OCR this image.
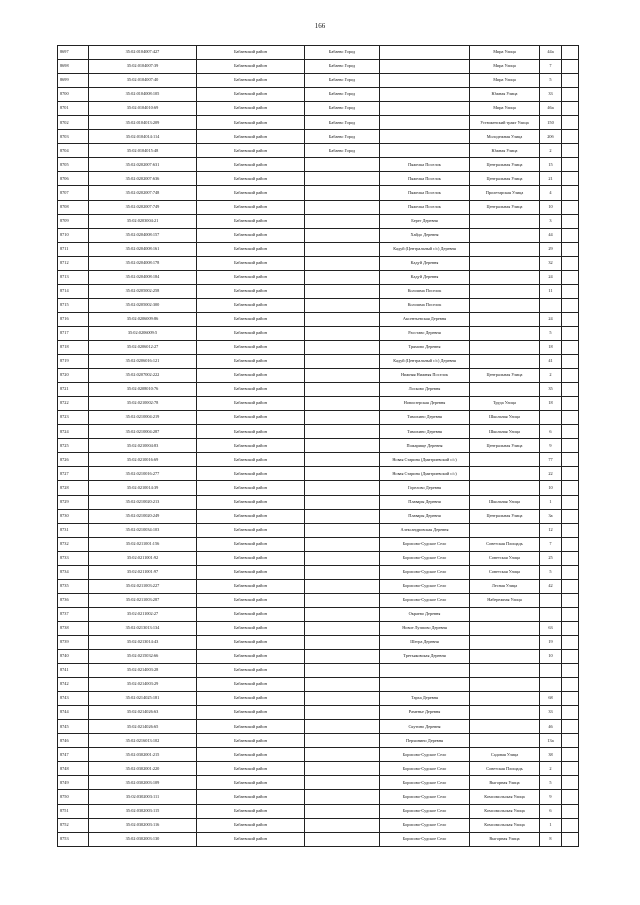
166
8697	35:02:0104007:427	Бабаевский район	Бабаево Город		Мира Улица	44а	
8698	35:02:0104007:39	Бабаевский район	Бабаево Город		Мира Улица	7	
8699	35:02:0104007:40	Бабаевский район	Бабаево Город		Мира Улица	5	
8700	35:02:0104008:105	Бабаевский район	Бабаево Город		Южная Улица	33	
8701	35:02:0104010:69	Бабаевский район	Бабаево Город		Мира Улица	46а	
8702	35:02:0104013:209	Бабаевский район	Бабаево Город		Устюженский тракт Улица	150	
8703	35:02:0104014:114	Бабаевский район	Бабаево Город		Молодежная Улица	20б	
8704	35:02:0104015:48	Бабаевский район	Бабаево Город		Южная Улица	2	
8705	35:02:0202007:631	Бабаевский район		Пяжелка Поселок	Центральная Улица	15	
8706	35:02:0202007:636	Бабаевский район		Пяжелка Поселок	Центральная Улица	21	
8707	35:02:0202007:748	Бабаевский район		Пяжелка Поселок	Пролетарская Улица	4	
8708	35:02:0202007:749	Бабаевский район		Пяжелка Поселок	Центральная Улица	10	
8709	35:02:0203004:21	Бабаевский район		Берег Деревня		3	
8710	35:02:0204008:157	Бабаевский район		Хайдо Деревня		44	
8711	35:02:0204008:161	Бабаевский район		Кадуй (Центральный с/с) Деревня		29	
8712	35:02:0204008:178	Бабаевский район		Кадуй Деревня		32	
8713	35:02:0204008:184	Бабаевский район		Кадуй Деревня		24	
8714	35:02:0205002:258	Бабаевский район		Колошма Поселок		11	
8715	35:02:0205002:300	Бабаевский район		Колошма Поселок			
8716	35:02:0206009:86	Бабаевский район		Аксентьевская Деревня		24	
8717	35:02:0206009:5	Бабаевский район		Расставо Деревня		5	
8718	35:02:0206012:27	Бабаевский район		Трямово Деревня		18	
8719	35:02:0206016:121	Бабаевский район		Кадуй (Центральный с/с) Деревня		41	
8720	35:02:0207002:222	Бабаевский район		Нижняя Нижняя Поселок	Центральная Улица	2	
8721	35:02:0208010:76	Бабаевский район		Лосково Деревня		35	
8722	35:02:0210002:78	Бабаевский район		Новоозерская Деревня	Труда Улица	18	
8723	35:02:0210004:219	Бабаевский район		Тимохино Деревня	Школьная Улица		
8724	35:02:0210004:287	Бабаевский район		Тимохино Деревня	Школьная Улица	6	
8725	35:02:0210004:83	Бабаевский район		Пожарище Деревня	Центральная Улица	9	
8726	35:02:0210016:69	Бабаевский район		Новая Старина (Дмитриевский с/с)		77	
8727	35:02:0210016:277	Бабаевский район		Новая Старина (Дмитриевский с/с)		22	
8728	35:02:0210014:39	Бабаевский район		Горелово Деревня		10	
8729	35:02:0210020:213	Бабаевский район		Плавары Деревня	Школьная Улица	1	
8730	35:02:0210020:249	Бабаевский район		Плавары Деревня	Центральная Улица	3а	
8731	35:02:0210034:103	Бабаевский район		Александровская Деревня		12	
8732	35:02:0211001:156	Бабаевский район		Борисово-Судское Село	Советская Площадь	7	
8733	35:02:0211001:92	Бабаевский район		Борисово-Судское Село	Советская Улица	25	
8734	35:02:0211001:97	Бабаевский район		Борисово-Судское Село	Советская Улица	5	
8735	35:02:0211003:227	Бабаевский район		Борисово-Судское Село	Лесная Улица	42	
8736	35:02:0211003:287	Бабаевский район		Борисово-Судское Село	Набережная Улица		
8737	35:02:0211002:27	Бабаевский район		Окраево Деревня			
8738	35:02:0213013:134	Бабаевский район		Новое Луппово Деревня		63	
8739	35:02:0213014:43	Бабаевский район		Шегра Деревня		19	
8740	35:02:0215032:66	Бабаевский район		Третьяковская Деревня		10	
8741	35:02:0214003:28	Бабаевский район					
8742	35:02:0214003:29	Бабаевский район					
8743	35:02:0214025:181	Бабаевский район		Тарха Деревня		68	
8744	35:02:0214026:63	Бабаевский район		Раменье Деревня		33	
8745	35:02:0214026:65	Бабаевский район		Скутино Деревня		46	
8746	35:02:0216013:102	Бабаевский район		Перхинино Деревня		13а	
8747	35:02:0302001:215	Бабаевский район		Борисово-Судское Село	Садовая Улица	38	
8748	35:02:0302001:220	Бабаевский район		Борисово-Судское Село	Советская Площадь	2	
8749	35:02:0302003:109	Бабаевский район		Борисово-Судское Село	Выгорная Улица	5	
8750	35:02:0302003:111	Бабаевский район		Борисово-Судское Село	Комсомольская Улица	9	
8751	35:02:0302003:115	Бабаевский район		Борисово-Судское Село	Комсомольская Улица	6	
8752	35:02:0302003:116	Бабаевский район		Борисово-Судское Село	Комсомольская Улица	1	
8753	35:02:0302003:130	Бабаевский район		Борисово-Судское Село	Выгорная Улица	8	
